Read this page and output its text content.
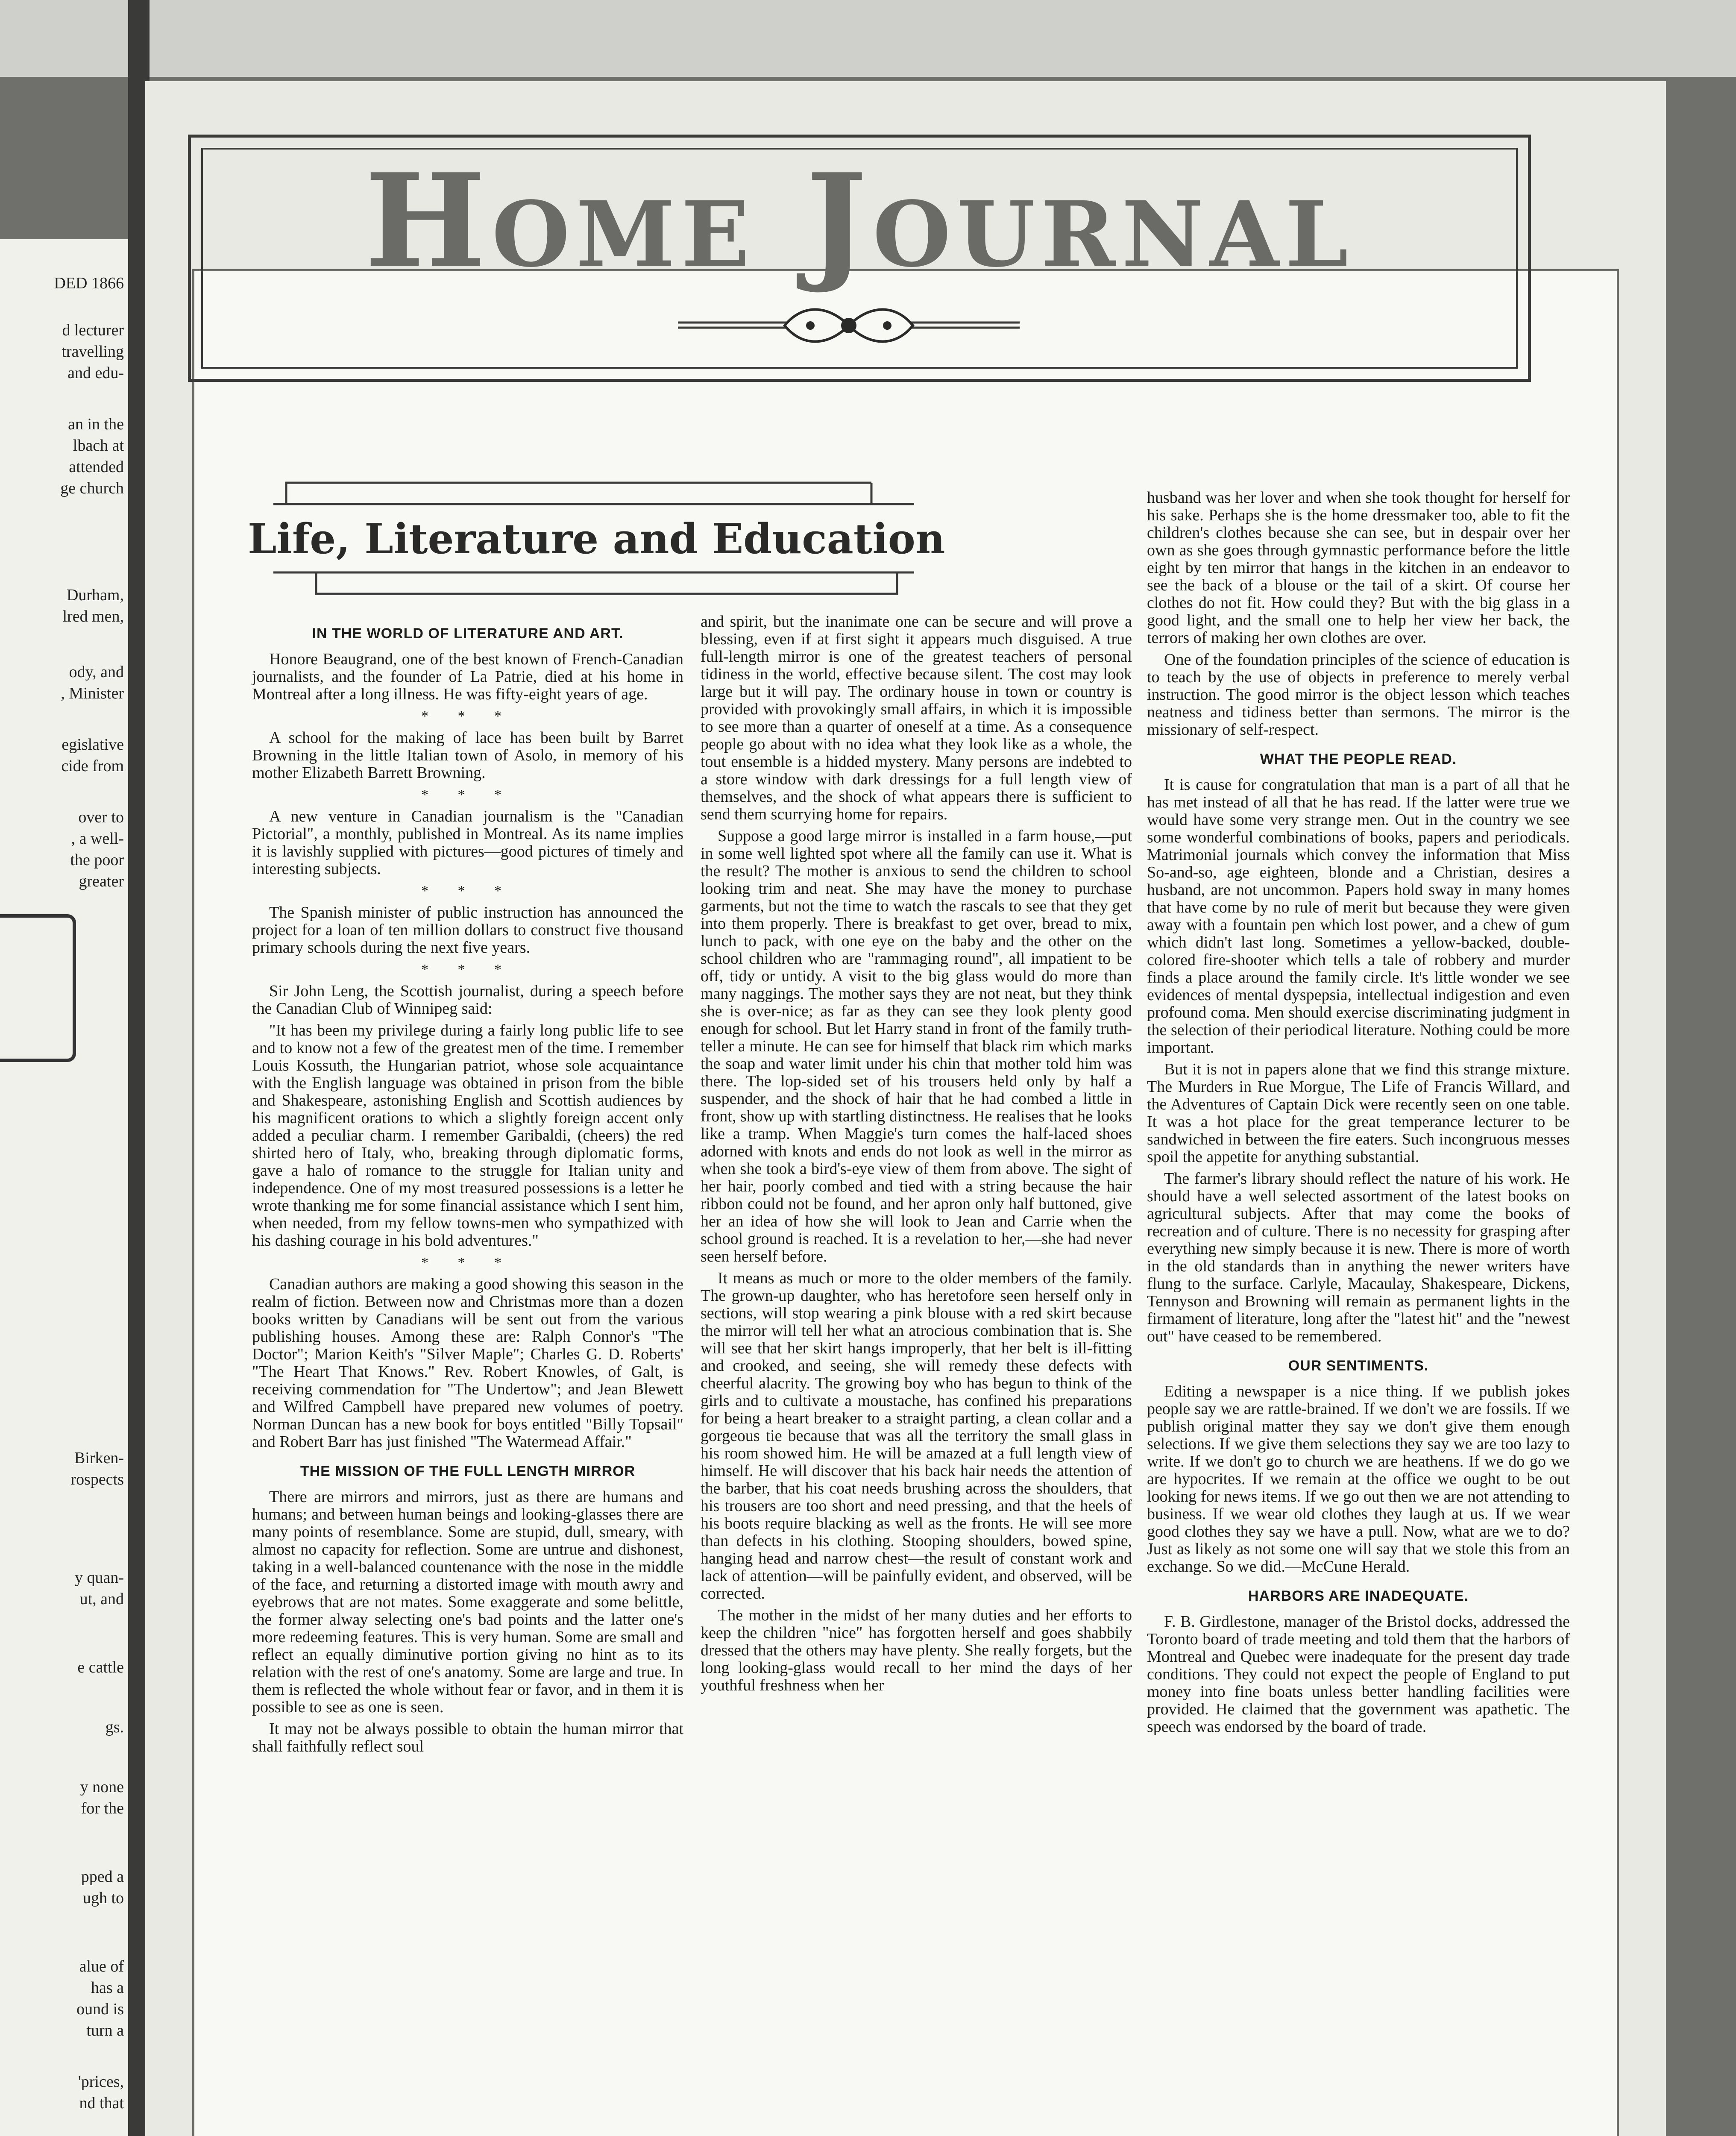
DED 1866
d lecturer
travelling
and edu-
an in the
lbach at
attended
ge church
Durham,
lred men,
ody, and
, Minister
egislative
cide from
over to
, a well-
the poor
greater
Birken-
rospects
y quan-
ut, and
e cattle
gs.
y none
for the
pped a
ugh to
alue of
has a
ound is
turn a
'prices,
nd that
Home Journal
Life, Literature and Education
IN THE WORLD OF LITERATURE AND ART.

Honore Beaugrand, one of the best known of French-Canadian journalists, and the founder of La Patrie, died at his home in Montreal after a long illness. He was fifty-eight years of age.

* * *

A school for the making of lace has been built by Barret Browning in the little Italian town of Asolo, in memory of his mother Elizabeth Barrett Browning.

* * *

A new venture in Canadian journalism is the "Canadian Pictorial", a monthly, published in Montreal. As its name implies it is lavishly supplied with pictures—good pictures of timely and interesting subjects.

* * *

The Spanish minister of public instruction has announced the project for a loan of ten million dollars to construct five thousand primary schools during the next five years.

* * *

Sir John Leng, the Scottish journalist, during a speech before the Canadian Club of Winnipeg said:

"It has been my privilege during a fairly long public life to see and to know not a few of the greatest men of the time. I remember Louis Kossuth, the Hungarian patriot, whose sole acquaintance with the English language was obtained in prison from the bible and Shakespeare, astonishing English and Scottish audiences by his magnificent orations to which a slightly foreign accent only added a peculiar charm. I remember Garibaldi, (cheers) the red shirted hero of Italy, who, breaking through diplomatic forms, gave a halo of romance to the struggle for Italian unity and independence. One of my most treasured possessions is a letter he wrote thanking me for some financial assistance which I sent him, when needed, from my fellow towns-men who sympathized with his dashing courage in his bold adventures."

* * *

Canadian authors are making a good showing this season in the realm of fiction. Between now and Christmas more than a dozen books written by Canadians will be sent out from the various publishing houses. Among these are: Ralph Connor's "The Doctor"; Marion Keith's "Silver Maple"; Charles G. D. Roberts' "The Heart That Knows." Rev. Robert Knowles, of Galt, is receiving commendation for "The Undertow"; and Jean Blewett and Wilfred Campbell have prepared new volumes of poetry. Norman Duncan has a new book for boys entitled "Billy Topsail" and Robert Barr has just finished "The Watermead Affair."

THE MISSION OF THE FULL LENGTH MIRROR

There are mirrors and mirrors, just as there are humans and humans; and between human beings and looking-glasses there are many points of resemblance. Some are stupid, dull, smeary, with almost no capacity for reflection. Some are untrue and dishonest, taking in a well-balanced countenance with the nose in the middle of the face, and returning a distorted image with mouth awry and eyebrows that are not mates. Some exaggerate and some belittle, the former alway selecting one's bad points and the latter one's more redeeming features. This is very human. Some are small and reflect an equally diminutive portion giving no hint as to its relation with the rest of one's anatomy. Some are large and true. In them is reflected the whole without fear or favor, and in them it is possible to see as one is seen.

It may not be always possible to obtain the human mirror that shall faithfully reflect soul

and spirit, but the inanimate one can be secure and will prove a blessing, even if at first sight it appears much disguised. A true full-length mirror is one of the greatest teachers of personal tidiness in the world, effective because silent. The cost may look large but it will pay. The ordinary house in town or country is provided with provokingly small affairs, in which it is impossible to see more than a quarter of oneself at a time. As a consequence people go about with no idea what they look like as a whole, the tout ensemble is a hidded mystery. Many persons are indebted to a store window with dark dressings for a full length view of themselves, and the shock of what appears there is sufficient to send them scurrying home for repairs.

Suppose a good large mirror is installed in a farm house,—put in some well lighted spot where all the family can use it. What is the result? The mother is anxious to send the children to school looking trim and neat. She may have the money to purchase garments, but not the time to watch the rascals to see that they get into them properly. There is breakfast to get over, bread to mix, lunch to pack, with one eye on the baby and the other on the school children who are "rammaging round", all impatient to be off, tidy or untidy. A visit to the big glass would do more than many naggings. The mother says they are not neat, but they think she is over-nice; as far as they can see they look plenty good enough for school. But let Harry stand in front of the family truth-teller a minute. He can see for himself that black rim which marks the soap and water limit under his chin that mother told him was there. The lop-sided set of his trousers held only by half a suspender, and the shock of hair that he had combed a little in front, show up with startling distinctness. He realises that he looks like a tramp. When Maggie's turn comes the half-laced shoes adorned with knots and ends do not look as well in the mirror as when she took a bird's-eye view of them from above. The sight of her hair, poorly combed and tied with a string because the hair ribbon could not be found, and her apron only half buttoned, give her an idea of how she will look to Jean and Carrie when the school ground is reached. It is a revelation to her,—she had never seen herself before.

It means as much or more to the older members of the family. The grown-up daughter, who has heretofore seen herself only in sections, will stop wearing a pink blouse with a red skirt because the mirror will tell her what an atrocious combination that is. She will see that her skirt hangs improperly, that her belt is ill-fitting and crooked, and seeing, she will remedy these defects with cheerful alacrity. The growing boy who has begun to think of the girls and to cultivate a moustache, has confined his preparations for being a heart breaker to a straight parting, a clean collar and a gorgeous tie because that was all the territory the small glass in his room showed him. He will be amazed at a full length view of himself. He will discover that his back hair needs the attention of the barber, that his coat needs brushing across the shoulders, that his trousers are too short and need pressing, and that the heels of his boots require blacking as well as the fronts. He will see more than defects in his clothing. Stooping shoulders, bowed spine, hanging head and narrow chest—the result of constant work and lack of attention—will be painfully evident, and observed, will be corrected.

The mother in the midst of her many duties and her efforts to keep the children "nice" has forgotten herself and goes shabbily dressed that the others may have plenty. She really forgets, but the long looking-glass would recall to her mind the days of her youthful freshness when her

husband was her lover and when she took thought for herself for his sake. Perhaps she is the home dressmaker too, able to fit the children's clothes because she can see, but in despair over her own as she goes through gymnastic performance before the little eight by ten mirror that hangs in the kitchen in an endeavor to see the back of a blouse or the tail of a skirt. Of course her clothes do not fit. How could they? But with the big glass in a good light, and the small one to help her view her back, the terrors of making her own clothes are over.

One of the foundation principles of the science of education is to teach by the use of objects in preference to merely verbal instruction. The good mirror is the object lesson which teaches neatness and tidiness better than sermons. The mirror is the missionary of self-respect.

WHAT THE PEOPLE READ.

It is cause for congratulation that man is a part of all that he has met instead of all that he has read. If the latter were true we would have some very strange men. Out in the country we see some wonderful combinations of books, papers and periodicals. Matrimonial journals which convey the information that Miss So-and-so, age eighteen, blonde and a Christian, desires a husband, are not uncommon. Papers hold sway in many homes that have come by no rule of merit but because they were given away with a fountain pen which lost power, and a chew of gum which didn't last long. Sometimes a yellow-backed, double-colored fire-shooter which tells a tale of robbery and murder finds a place around the family circle. It's little wonder we see evidences of mental dyspepsia, intellectual indigestion and even profound coma. Men should exercise discriminating judgment in the selection of their periodical literature. Nothing could be more important.

But it is not in papers alone that we find this strange mixture. The Murders in Rue Morgue, The Life of Francis Willard, and the Adventures of Captain Dick were recently seen on one table. It was a hot place for the great temperance lecturer to be sandwiched in between the fire eaters. Such incongruous messes spoil the appetite for anything substantial.

The farmer's library should reflect the nature of his work. He should have a well selected assortment of the latest books on agricultural subjects. After that may come the books of recreation and of culture. There is no necessity for grasping after everything new simply because it is new. There is more of worth in the old standards than in anything the newer writers have flung to the surface. Carlyle, Macaulay, Shakespeare, Dickens, Tennyson and Browning will remain as permanent lights in the firmament of literature, long after the "latest hit" and the "newest out" have ceased to be remembered.

OUR SENTIMENTS.

Editing a newspaper is a nice thing. If we publish jokes people say we are rattle-brained. If we don't we are fossils. If we publish original matter they say we don't give them enough selections. If we give them selections they say we are too lazy to write. If we don't go to church we are heathens. If we do go we are hypocrites. If we remain at the office we ought to be out looking for news items. If we go out then we are not attending to business. If we wear old clothes they laugh at us. If we wear good clothes they say we have a pull. Now, what are we to do? Just as likely as not some one will say that we stole this from an exchange. So we did.—McCune Herald.

HARBORS ARE INADEQUATE.

F. B. Girdlestone, manager of the Bristol docks, addressed the Toronto board of trade meeting and told them that the harbors of Montreal and Quebec were inadequate for the present day trade conditions. They could not expect the people of England to put money into fine boats unless better handling facilities were provided. He claimed that the government was apathetic. The speech was endorsed by the board of trade.
